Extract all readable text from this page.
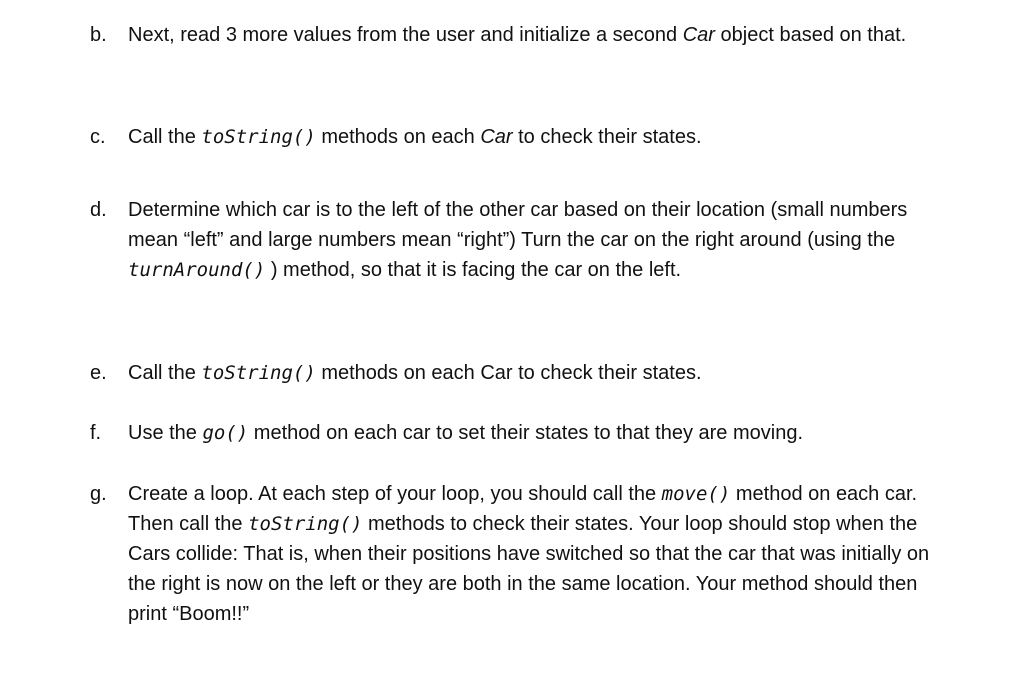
b.	Next, read 3 more values from the user and initialize a second Car object based on that.
c.	Call the toString() methods on each Car to check their states.
d.	Determine which car is to the left of the other car based on their location (small numbers mean “left” and large numbers mean “right”) Turn the car on the right around (using the turnAround() ) method, so that it is facing the car on the left.
e.	Call the toString() methods on each Car to check their states.
f.	Use the go() method on each car to set their states to that they are moving.
g.	Create a loop. At each step of your loop, you should call the move() method on each car. Then call the toString() methods to check their states. Your loop should stop when the Cars collide: That is, when their positions have switched so that the car that was initially on the right is now on the left or they are both in the same location. Your method should then print “Boom!!”
